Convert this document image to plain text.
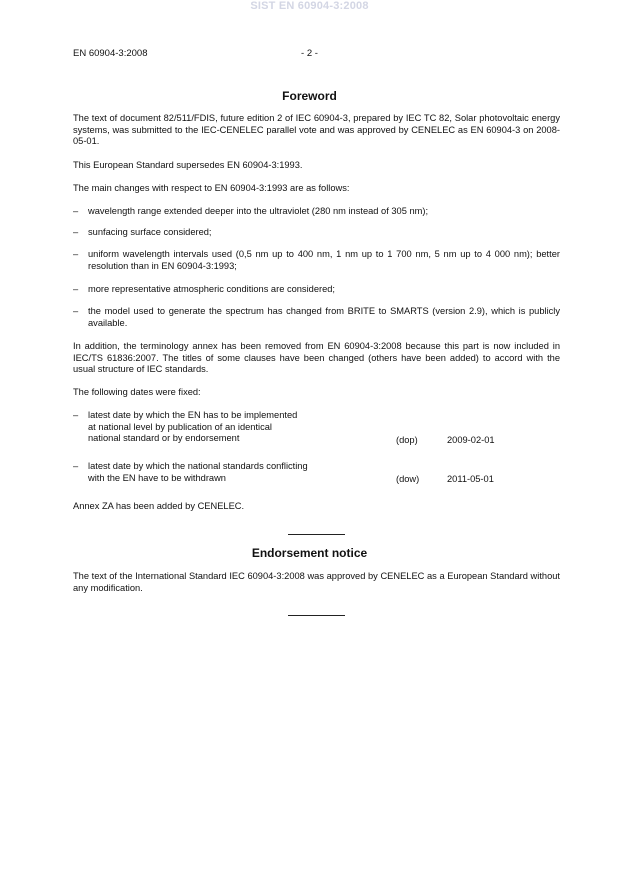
SIST EN 60904-3:2008
EN 60904-3:2008	- 2 -
Foreword

The text of document 82/511/FDIS, future edition 2 of IEC 60904-3, prepared by IEC TC 82, Solar photovoltaic energy systems, was submitted to the IEC-CENELEC parallel vote and was approved by CENELEC as EN 60904-3 on 2008-05-01.

This European Standard supersedes EN 60904-3:1993.

The main changes with respect to EN 60904-3:1993 are as follows:

– wavelength range extended deeper into the ultraviolet (280 nm instead of 305 nm);
– sunfacing surface considered;
– uniform wavelength intervals used (0,5 nm up to 400 nm, 1 nm up to 1 700 nm, 5 nm up to 4 000 nm); better resolution than in EN 60904-3:1993;
– more representative atmospheric conditions are considered;
– the model used to generate the spectrum has changed from BRITE to SMARTS (version 2.9), which is publicly available.

In addition, the terminology annex has been removed from EN 60904-3:2008 because this part is now included in IEC/TS 61836:2007. The titles of some clauses have been changed (others have been added) to accord with the usual structure of IEC standards.

The following dates were fixed:

– latest date by which the EN has to be implemented
at national level by publication of an identical
national standard or by endorsement	(dop)	2009-02-01
– latest date by which the national standards conflicting
with the EN have to be withdrawn	(dow)	2011-05-01

Annex ZA has been added by CENELEC.

Endorsement notice

The text of the International Standard IEC 60904-3:2008 was approved by CENELEC as a European Standard without any modification.
